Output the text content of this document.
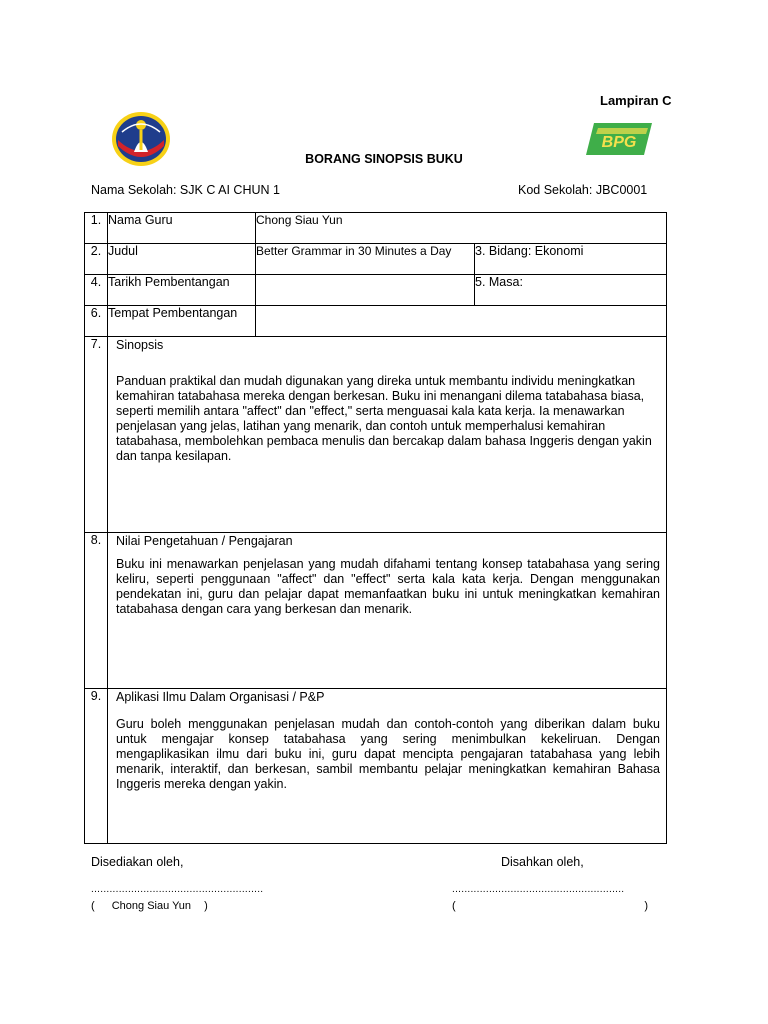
Lampiran C
BPG
BORANG SINOPSIS BUKU
Nama Sekolah: SJK C AI CHUN 1	Kod Sekolah: JBC0001
1.	Nama Guru	Chong Siau Yun	
2.	Judul	Better Grammar in 30 Minutes a Day	3. Bidang: Ekonomi
4.	Tarikh Pembentangan		5. Masa:
6.	Tempat Pembentangan		
7.	Sinopsis
Panduan praktikal dan mudah digunakan yang direka untuk membantu individu meningkatkan kemahiran tatabahasa mereka dengan berkesan. Buku ini menangani dilema tatabahasa biasa, seperti memilih antara "affect" dan "effect," serta menguasai kala kata kerja. Ia menawarkan penjelasan yang jelas, latihan yang menarik, dan contoh untuk memperhalusi kemahiran tatabahasa, membolehkan pembaca menulis dan bercakap dalam bahasa Inggeris dengan yakin dan tanpa kesilapan.		

8.	Nilai Pengetahuan / Pengajaran
Buku ini menawarkan penjelasan yang mudah difahami tentang konsep tatabahasa yang sering keliru, seperti penggunaan "affect" dan "effect" serta kala kata kerja. Dengan menggunakan pendekatan ini, guru dan pelajar dapat memanfaatkan buku ini untuk meningkatkan kemahiran tatabahasa dengan cara yang berkesan dan menarik.		

9.	Aplikasi Ilmu Dalam Organisasi / P&P
Guru boleh menggunakan penjelasan mudah dan contoh-contoh yang diberikan dalam buku untuk mengajar konsep tatabahasa yang sering menimbulkan kekeliruan. Dengan mengaplikasikan ilmu dari buku ini, guru dapat mencipta pengajaran tatabahasa yang lebih menarik, interaktif, dan berkesan, sambil membantu pelajar meningkatkan kemahiran Bahasa Inggeris mereka dengan yakin.		
Disediakan oleh,	Disahkan oleh,
........................................................	........................................................
( Chong Siau Yun )	(	)
